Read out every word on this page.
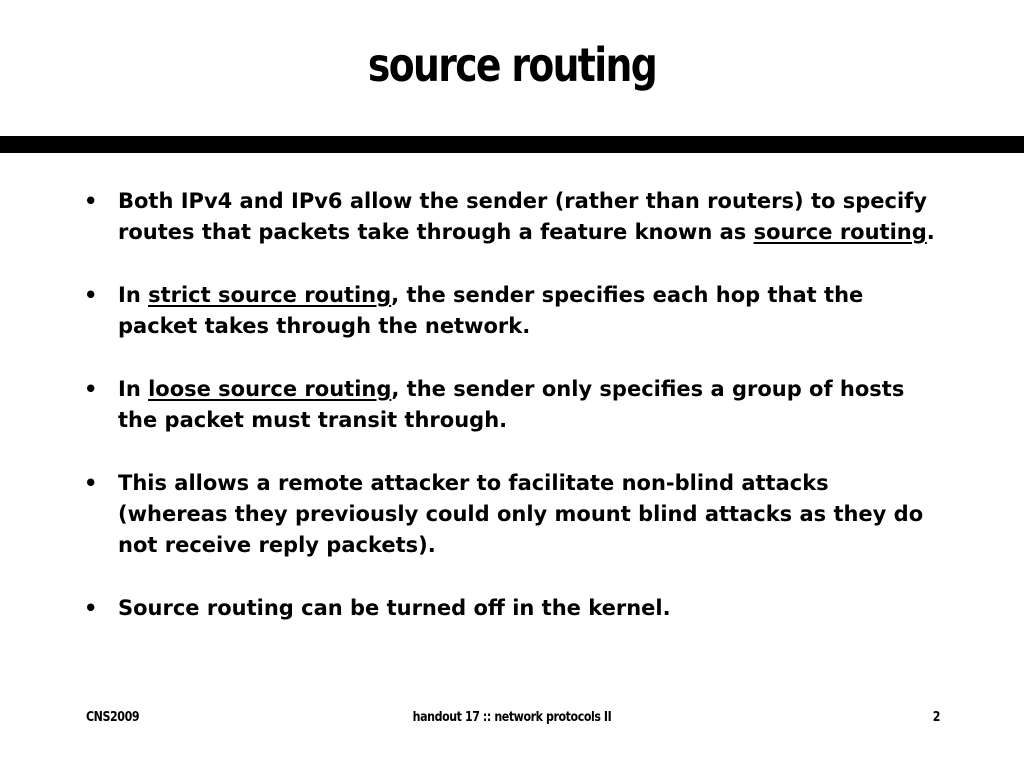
source routing
• Both IPv4 and IPv6 allow the sender (rather than routers) to specify routes that packets take through a feature known as source routing.
• In strict source routing, the sender specifies each hop that the packet takes through the network.
• In loose source routing, the sender only specifies a group of hosts the packet must transit through.
• This allows a remote attacker to facilitate non-blind attacks (whereas they previously could only mount blind attacks as they do not receive reply packets).
• Source routing can be turned off in the kernel.
CNS2009	handout 17 :: network protocols II	2
